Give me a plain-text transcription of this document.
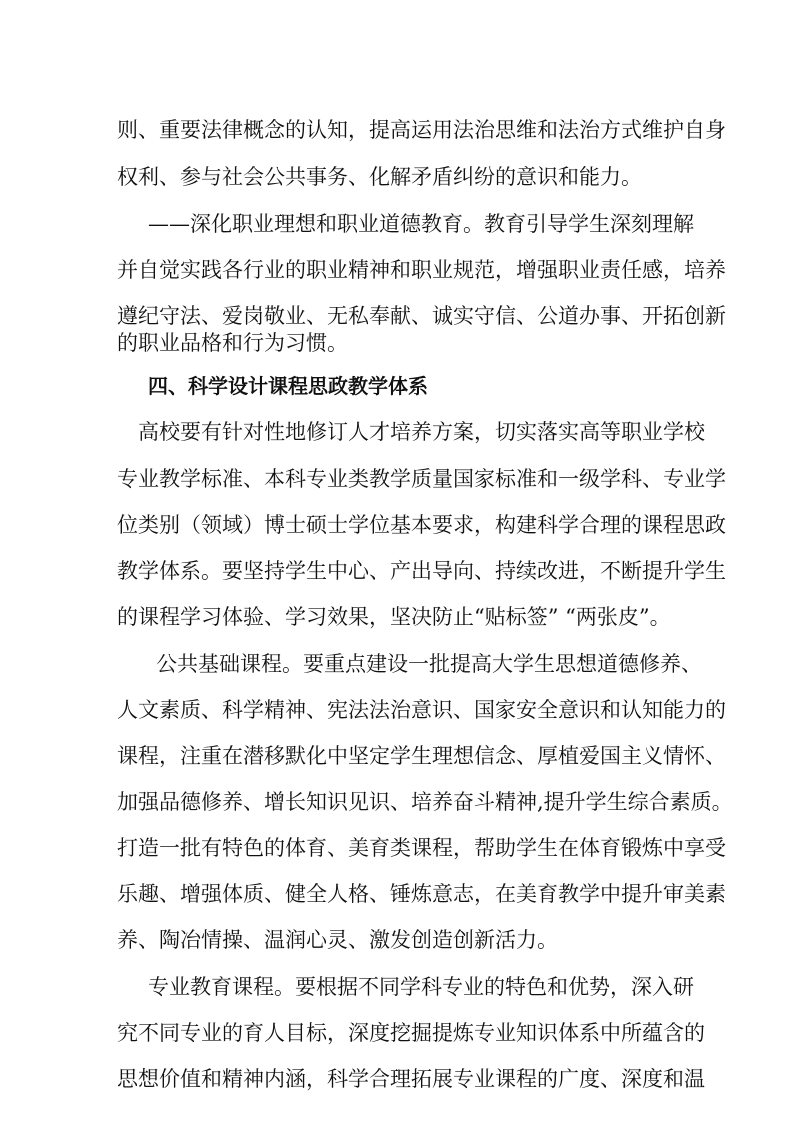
则、重要法律概念的认知，提高运用法治思维和法治方式维护自身
权利、参与社会公共事务、化解矛盾纠纷的意识和能力。
——深化职业理想和职业道德教育。教育引导学生深刻理解
并自觉实践各行业的职业精神和职业规范，增强职业责任感，培养
遵纪守法、爱岗敬业、无私奉献、诚实守信、公道办事、开拓创新
的职业品格和行为习惯。
四、科学设计课程思政教学体系
高校要有针对性地修订人才培养方案，切实落实高等职业学校
专业教学标准、本科专业类教学质量国家标准和一级学科、专业学
位类别（领域）博士硕士学位基本要求，构建科学合理的课程思政
教学体系。要坚持学生中心、产出导向、持续改进，不断提升学生
的课程学习体验、学习效果，坚决防止“贴标签” “两张皮”。
公共基础课程。要重点建设一批提高大学生思想道德修养、
人文素质、科学精神、宪法法治意识、国家安全意识和认知能力的
课程，注重在潜移默化中坚定学生理想信念、厚植爱国主义情怀、
加强品德修养、增长知识见识、培养奋斗精神,提升学生综合素质。
打造一批有特色的体育、美育类课程，帮助学生在体育锻炼中享受
乐趣、增强体质、健全人格、锤炼意志，在美育教学中提升审美素
养、陶冶情操、温润心灵、激发创造创新活力。
专业教育课程。要根据不同学科专业的特色和优势，深入研
究不同专业的育人目标，深度挖掘提炼专业知识体系中所蕴含的
思想价值和精神内涵，科学合理拓展专业课程的广度、深度和温
